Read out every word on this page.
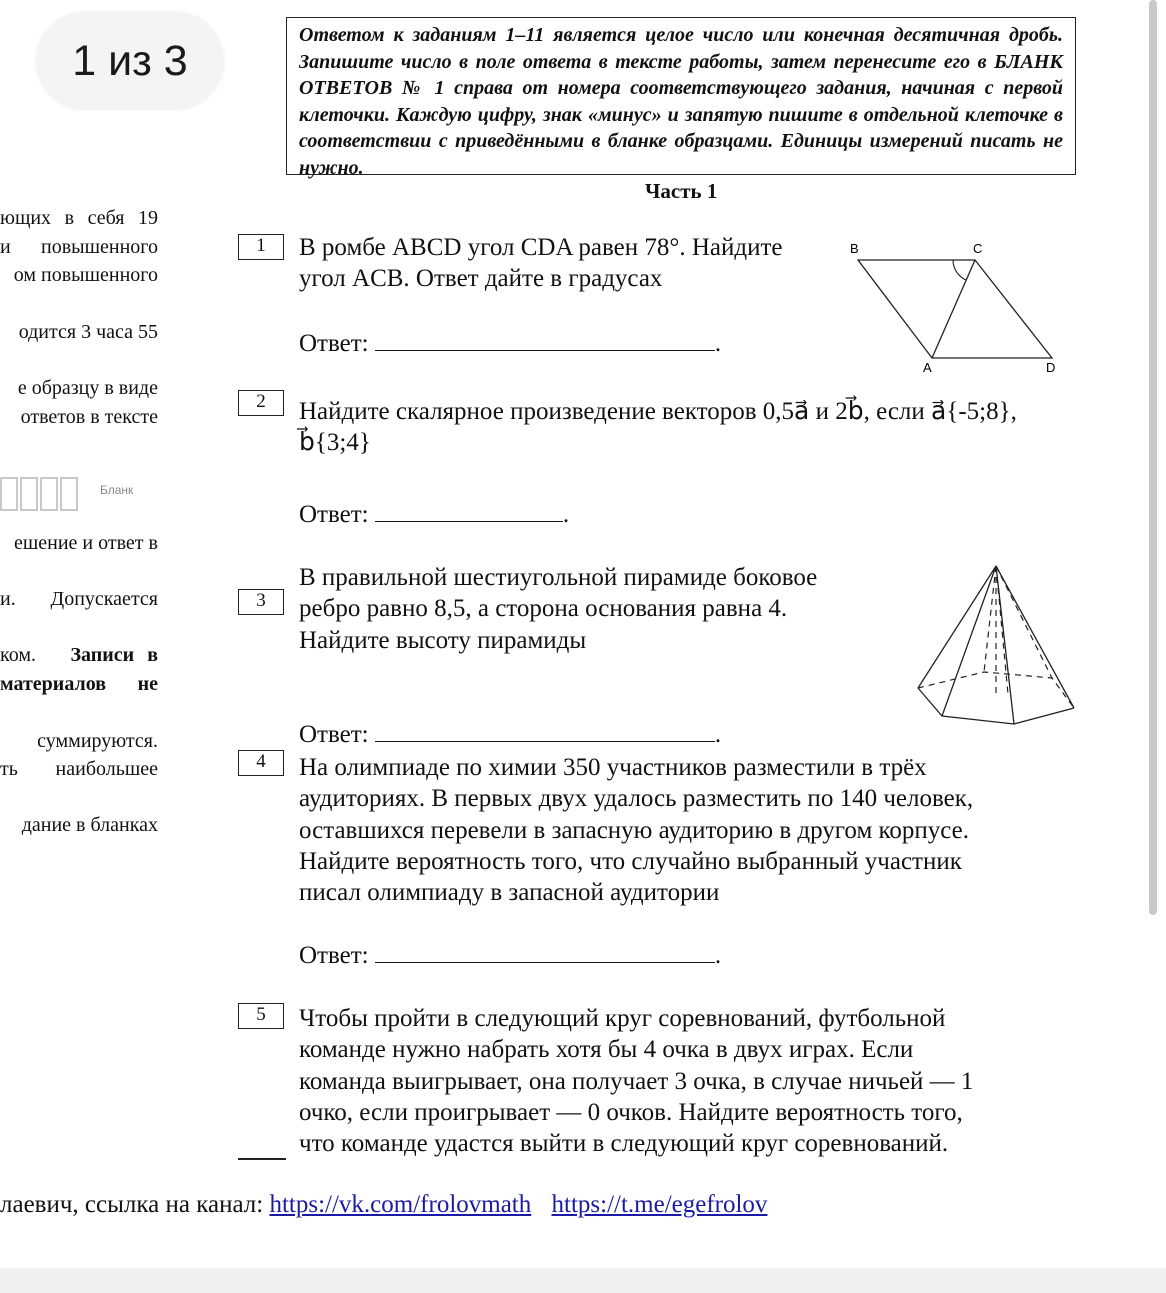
1 из 3
Ответом к заданиям 1–11 является целое число или конечная десятичная дробь. Запишите число в поле ответа в тексте работы, затем перенесите его в БЛАНК ОТВЕТОВ № 1 справа от номера соответствующего задания, начиная с первой клеточки. Каждую цифру, знак «минус» и запятую пишите в отдельной клеточке в соответствии с приведёнными в бланке образцами. Единицы измерений писать не нужно.
Часть 1
ющих в себя 19
и повышенного
ом повышенного
одится 3 часа 55
е образцу в виде
ответов в тексте
Бланк
ешение и ответ в
и. Допускается
ком. Записи в
материалов не
суммируются.
ть наибольшее
дание в бланках
1	В ромбе ABCD угол CDA равен 78°. Найдите
угол ACB. Ответ дайте в градусах
Ответ:	.
B	C
A	D
2	Найдите скалярное произведение векторов 0,5a⃗ и 2b⃗, если a⃗{-5;8},
b⃗{3;4}
Ответ:	.
3
В правильной шестиугольной пирамиде боковое
ребро равно 8,5, а сторона основания равна 4.
Найдите высоту пирамиды
Ответ:	.
4	На олимпиаде по химии 350 участников разместили в трёх
аудиториях. В первых двух удалось разместить по 140 человек,
оставшихся перевели в запасную аудиторию в другом корпусе.
Найдите вероятность того, что случайно выбранный участник
писал олимпиаду в запасной аудитории
Ответ:	.
5	Чтобы пройти в следующий круг соревнований, футбольной
команде нужно набрать хотя бы 4 очка в двух играх. Если
команда выигрывает, она получает 3 очка, в случае ничьей — 1
очко, если проигрывает — 0 очков. Найдите вероятность того,
что команде удастся выйти в следующий круг соревнований.
лаевич, ссылка на канал: https://vk.com/frolovmath https://t.me/egefrolov
